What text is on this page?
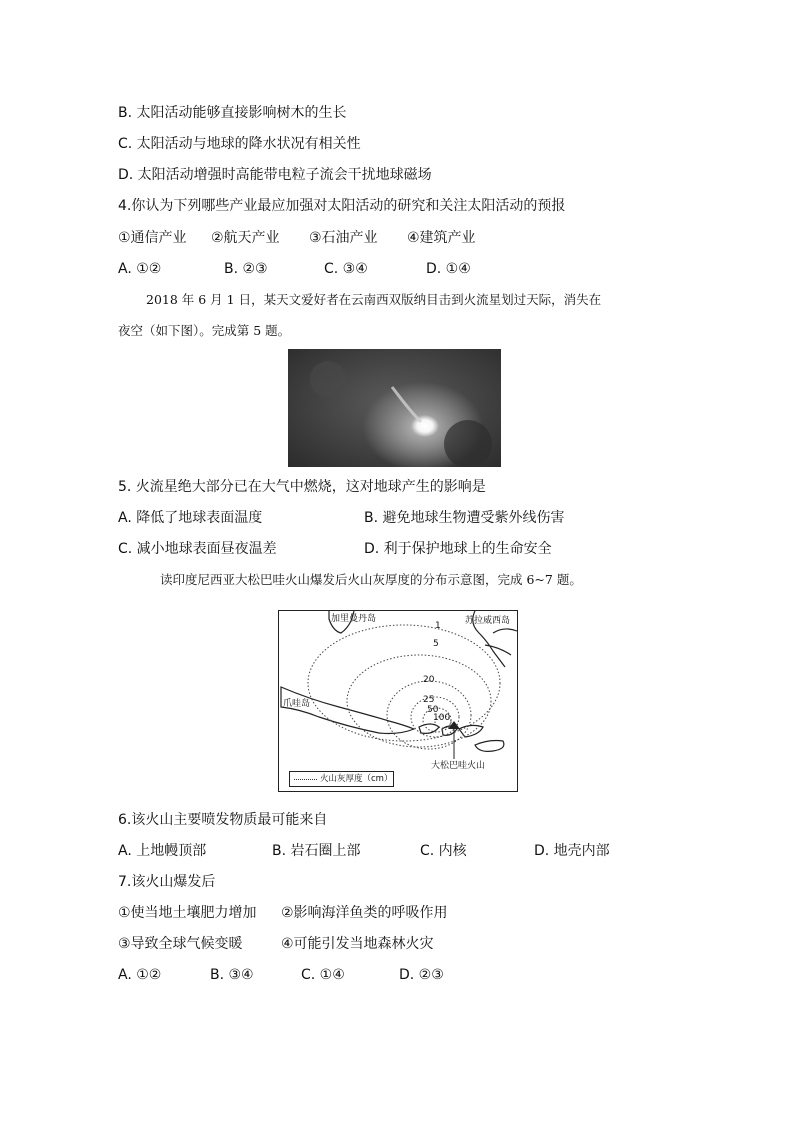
B. 太阳活动能够直接影响树木的生长
C. 太阳活动与地球的降水状况有相关性
D. 太阳活动增强时高能带电粒子流会干扰地球磁场
4.你认为下列哪些产业最应加强对太阳活动的研究和关注太阳活动的预报
①通信产业 ②航天产业 ③石油产业 ④建筑产业
A. ①②	B. ②③	C. ③④	D. ①④
2018 年 6 月 1 日，某天文爱好者在云南西双版纳目击到火流星划过天际，消失在
夜空（如下图）。完成第 5 题。
5. 火流星绝大部分已在大气中燃烧，这对地球产生的影响是
A. 降低了地球表面温度	B. 避免地球生物遭受紫外线伤害
C. 减小地球表面昼夜温差	D. 利于保护地球上的生命安全
读印度尼西亚大松巴哇火山爆发后火山灰厚度的分布示意图，完成 6~7 题。
加里曼丹岛	苏拉威西岛
爪哇岛
大松巴哇火山
1
5
20
25
50
100
火山灰厚度（cm）
6.该火山主要喷发物质最可能来自
A. 上地幔顶部	B. 岩石圈上部	C. 内核	D. 地壳内部
7.该火山爆发后
①使当地土壤肥力增加 ②影响海洋鱼类的呼吸作用
③导致全球气候变暖	④可能引发当地森林火灾
A. ①②	B. ③④	C. ①④	D. ②③
